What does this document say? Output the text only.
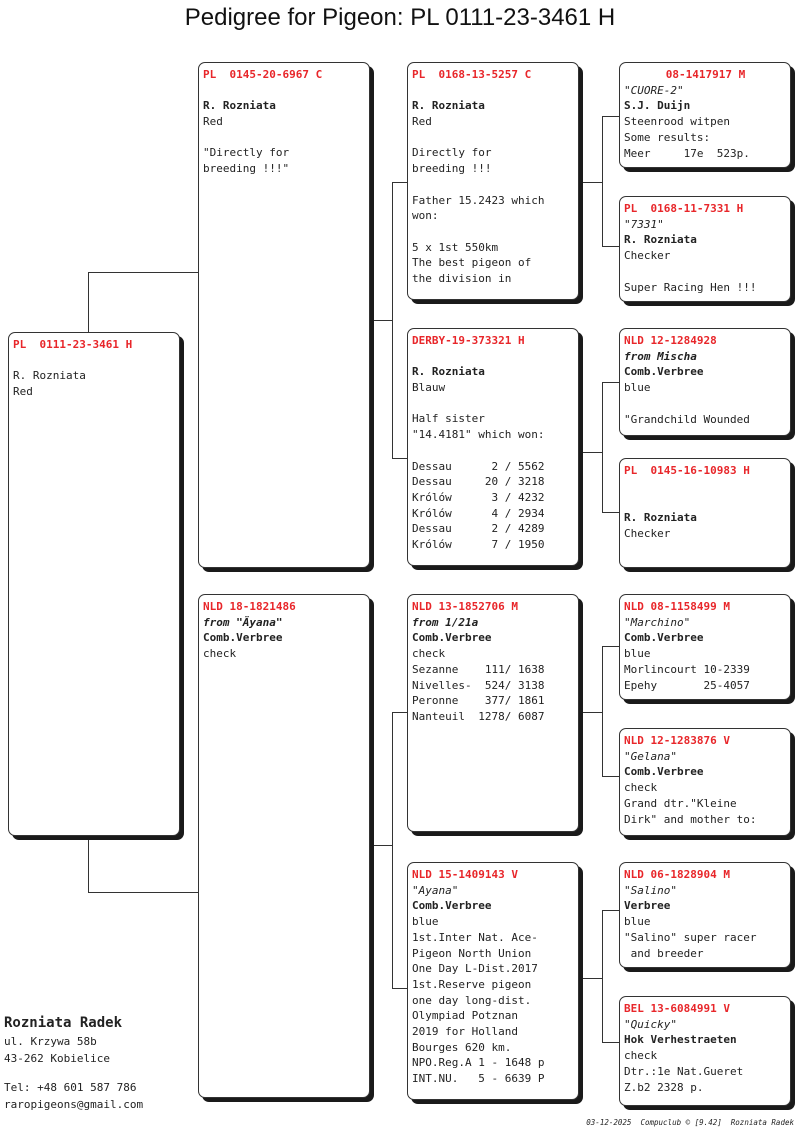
Pedigree for Pigeon: PL 0111-23-3461 H
PL  0111-23-3461 H
R. Rozniata
Red
PL  0145-20-6967 C
R. Rozniata
Red
"Directly for
breeding !!!"
NLD 18-1821486
from "Äyana"
Comb.Verbree
check
PL  0168-13-5257 C
R. Rozniata
Red
Directly for
breeding !!!
Father 15.2423 which
won:
5 x 1st 550km
The best pigeon of
the division in
DERBY-19-373321 H
R. Rozniata
Blauw
Half sister
"14.4181" which won:
Dessau      2 / 5562
Dessau     20 / 3218
Królów      3 / 4232
Królów      4 / 2934
Dessau      2 / 4289
Królów      7 / 1950
NLD 13-1852706 M
from 1/21a
Comb.Verbree
check
Sezanne    111/ 1638
Nivelles-  524/ 3138
Peronne    377/ 1861
Nanteuil  1278/ 6087
NLD 15-1409143 V
"Ayana"
Comb.Verbree
blue
1st.Inter Nat. Ace-
Pigeon North Union
One Day L-Dist.2017
1st.Reserve pigeon
one day long-dist.
Olympiad Potznan
2019 for Holland
Bourges 620 km.
NPO.Reg.A 1 - 1648 p
INT.NU.   5 - 6639 P
08-1417917 M
"CUORE-2"
S.J. Duijn
Steenrood witpen
Some results:
Meer     17e  523p.
PL  0168-11-7331 H
"7331"
R. Rozniata
Checker
Super Racing Hen !!!
NLD 12-1284928
from Mischa
Comb.Verbree
blue
"Grandchild Wounded
PL  0145-16-10983 H
R. Rozniata
Checker
NLD 08-1158499 M
"Marchino"
Comb.Verbree
blue
Morlincourt 10-2339
Epehy       25-4057
NLD 12-1283876 V
"Gelana"
Comb.Verbree
check
Grand dtr."Kleine
Dirk" and mother to:
NLD 06-1828904 M
"Salino"
Verbree
blue
"Salino" super racer
and breeder
BEL 13-6084991 V
"Quicky"
Hok Verhestraeten
check
Dtr.:1e Nat.Gueret
Z.b2 2328 p.
Rozniata Radek
ul. Krzywa 58b
43-262 Kobielice
Tel: +48 601 587 786
raropigeons@gmail.com
03-12-2025  Compuclub © [9.42]  Rozniata Radek
